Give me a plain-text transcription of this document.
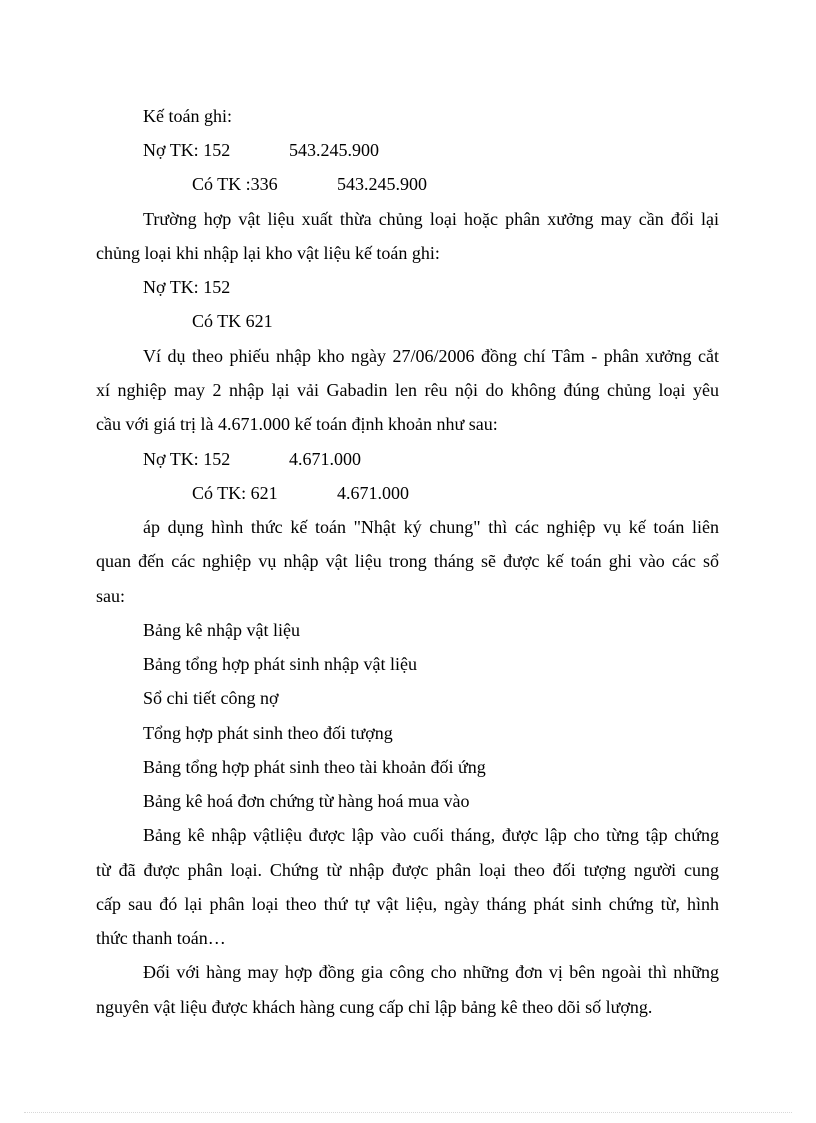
Kế toán ghi:
Nợ TK: 152	543.245.900
Có TK :336	543.245.900
Trường hợp vật liệu xuất thừa chủng loại hoặc phân xưởng may cần đổi lại
chủng loại khi nhập lại kho vật liệu kế toán ghi:
Nợ TK: 152
Có TK 621
Ví dụ theo phiếu nhập kho ngày 27/06/2006 đồng chí Tâm - phân xưởng cắt
xí nghiệp may 2 nhập lại vải Gabadin len rêu nội do không đúng chủng loại yêu
cầu với giá trị là 4.671.000 kế toán định khoản như sau:
Nợ TK: 152	4.671.000
Có TK: 621	4.671.000
áp dụng hình thức kế toán "Nhật ký chung" thì các nghiệp vụ kế toán liên
quan đến các nghiệp vụ nhập vật liệu trong tháng sẽ được kế toán ghi vào các sổ
sau:
Bảng kê nhập vật liệu
Bảng tổng hợp phát sinh nhập vật liệu
Sổ chi tiết công nợ
Tổng hợp phát sinh theo đối tượng
Bảng tổng hợp phát sinh theo tài khoản đối ứng
Bảng kê hoá đơn chứng từ hàng hoá mua vào
Bảng kê nhập vậtliệu được lập vào cuối tháng, được lập cho từng tập chứng
từ đã được phân loại. Chứng từ nhập được phân loại theo đối tượng người cung
cấp sau đó lại phân loại theo thứ tự vật liệu, ngày tháng phát sinh chứng từ, hình
thức thanh toán…
Đối với hàng may hợp đồng gia công cho những đơn vị bên ngoài thì những
nguyên vật liệu được khách hàng cung cấp chỉ lập bảng kê theo dõi số lượng.
